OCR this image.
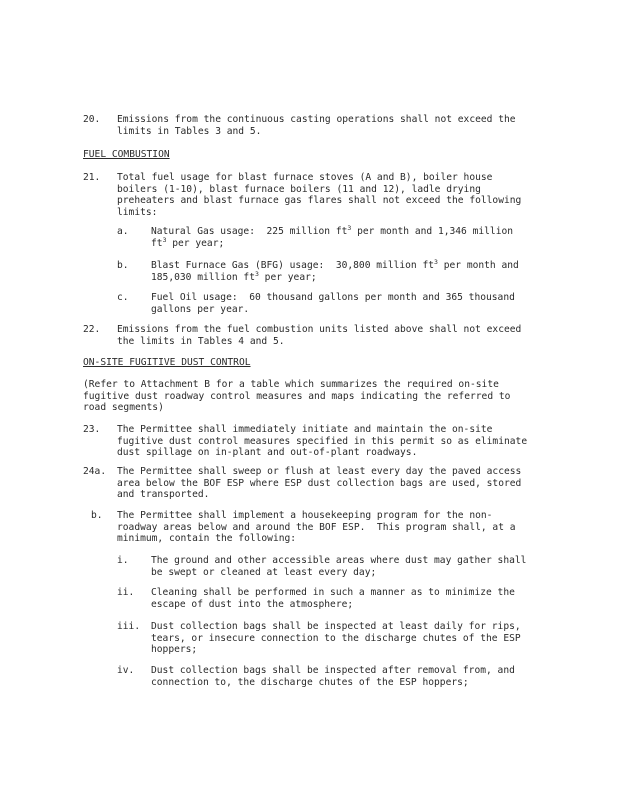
20. Emissions from the continuous casting operations shall not exceed the
limits in Tables 3 and 5.
FUEL COMBUSTION
21. Total fuel usage for blast furnace stoves (A and B), boiler house
boilers (1-10), blast furnace boilers (11 and 12), ladle drying
preheaters and blast furnace gas flares shall not exceed the following
limits:
a. Natural Gas usage:  225 million $ft^3$ per month and 1,346 million
$ft^3$ per year;
b. Blast Furnace Gas (BFG) usage:  30,800 million $ft^3$ per month and
185,030 million $ft^3$ per year;
c. Fuel Oil usage:  60 thousand gallons per month and 365 thousand
gallons per year.
22. Emissions from the fuel combustion units listed above shall not exceed
the limits in Tables 4 and 5.
ON-SITE FUGITIVE DUST CONTROL
(Refer to Attachment B for a table which summarizes the required on-site
fugitive dust roadway control measures and maps indicating the referred to
road segments)
23. The Permittee shall immediately initiate and maintain the on-site
fugitive dust control measures specified in this permit so as eliminate
dust spillage on in-plant and out-of-plant roadways.
24a. The Permittee shall sweep or flush at least every day the paved access
area below the BOF ESP where ESP dust collection bags are used, stored
and transported.
b. The Permittee shall implement a housekeeping program for the non-
roadway areas below and around the BOF ESP.  This program shall, at a
minimum, contain the following:
i. The ground and other accessible areas where dust may gather shall
be swept or cleaned at least every day;
ii. Cleaning shall be performed in such a manner as to minimize the
escape of dust into the atmosphere;
iii. Dust collection bags shall be inspected at least daily for rips,
tears, or insecure connection to the discharge chutes of the ESP
hoppers;
iv. Dust collection bags shall be inspected after removal from, and
connection to, the discharge chutes of the ESP hoppers;
